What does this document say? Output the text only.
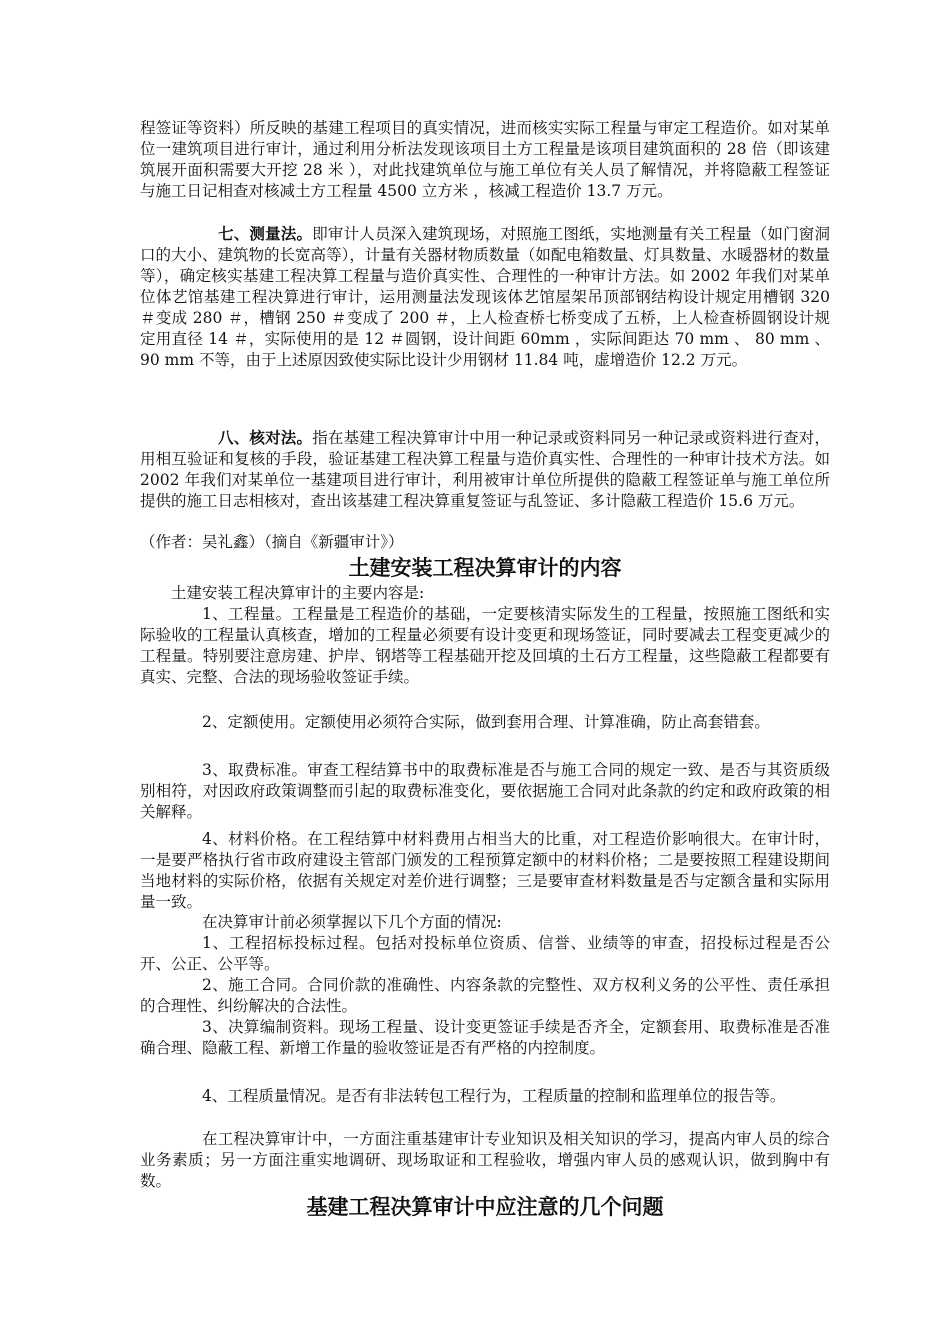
程签证等资料）所反映的基建工程项目的真实情况，进而核实实际工程量与审定工程造价。如对某单位一建筑项目进行审计，通过利用分析法发现该项目土方工程量是该项目建筑面积的 28 倍（即该建筑展开面积需要大开挖 28 米 ），对此找建筑单位与施工单位有关人员了解情况，并将隐蔽工程签证与施工日记相查对核减土方工程量 4500 立方米 ，核减工程造价 13.7 万元。

七、测量法。即审计人员深入建筑现场，对照施工图纸，实地测量有关工程量（如门窗洞口的大小、建筑物的长宽高等），计量有关器材物质数量（如配电箱数量、灯具数量、水暖器材的数量等），确定核实基建工程决算工程量与造价真实性、合理性的一种审计方法。如 2002 年我们对某单位体艺馆基建工程决算进行审计，运用测量法发现该体艺馆屋架吊顶部钢结构设计规定用槽钢 320 ＃变成 280 ＃，槽钢 250 ＃变成了 200 ＃，上人检查桥七桥变成了五桥，上人检查桥圆钢设计规定用直径 14 ＃，实际使用的是 12 ＃圆钢，设计间距 60mm ，实际间距达 70 mm 、 80 mm 、 90 mm 不等，由于上述原因致使实际比设计少用钢材 11.84 吨，虚增造价 12.2 万元。

八、核对法。指在基建工程决算审计中用一种记录或资料同另一种记录或资料进行查对，用相互验证和复核的手段，验证基建工程决算工程量与造价真实性、合理性的一种审计技术方法。如 2002 年我们对某单位一基建项目进行审计，利用被审计单位所提供的隐蔽工程签证单与施工单位所提供的施工日志相核对，查出该基建工程决算重复签证与乱签证、多计隐蔽工程造价 15.6 万元。

（作者：吴礼鑫）（摘自《新疆审计》）

土建安装工程决算审计的内容

土建安装工程决算审计的主要内容是:

1、工程量。工程量是工程造价的基础，一定要核清实际发生的工程量，按照施工图纸和实际验收的工程量认真核查，增加的工程量必须要有设计变更和现场签证，同时要减去工程变更减少的工程量。特别要注意房建、护岸、钢塔等工程基础开挖及回填的土石方工程量，这些隐蔽工程都要有真实、完整、合法的现场验收签证手续。

2、定额使用。定额使用必须符合实际，做到套用合理、计算准确，防止高套错套。

3、取费标准。审查工程结算书中的取费标准是否与施工合同的规定一致、是否与其资质级别相符，对因政府政策调整而引起的取费标准变化，要依据施工合同对此条款的约定和政府政策的相关解释。

4、材料价格。在工程结算中材料费用占相当大的比重，对工程造价影响很大。在审计时，一是要严格执行省市政府建设主管部门颁发的工程预算定额中的材料价格；二是要按照工程建设期间当地材料的实际价格，依据有关规定对差价进行调整；三是要审查材料数量是否与定额含量和实际用量一致。

在决算审计前必须掌握以下几个方面的情况:

1、工程招标投标过程。包括对投标单位资质、信誉、业绩等的审查，招投标过程是否公开、公正、公平等。

2、施工合同。合同价款的准确性、内容条款的完整性、双方权利义务的公平性、责任承担的合理性、纠纷解决的合法性。

3、决算编制资料。现场工程量、设计变更签证手续是否齐全，定额套用、取费标准是否准确合理、隐蔽工程、新增工作量的验收签证是否有严格的内控制度。

4、工程质量情况。是否有非法转包工程行为，工程质量的控制和监理单位的报告等。

在工程决算审计中，一方面注重基建审计专业知识及相关知识的学习，提高内审人员的综合业务素质；另一方面注重实地调研、现场取证和工程验收，增强内审人员的感观认识，做到胸中有数。

基建工程决算审计中应注意的几个问题
